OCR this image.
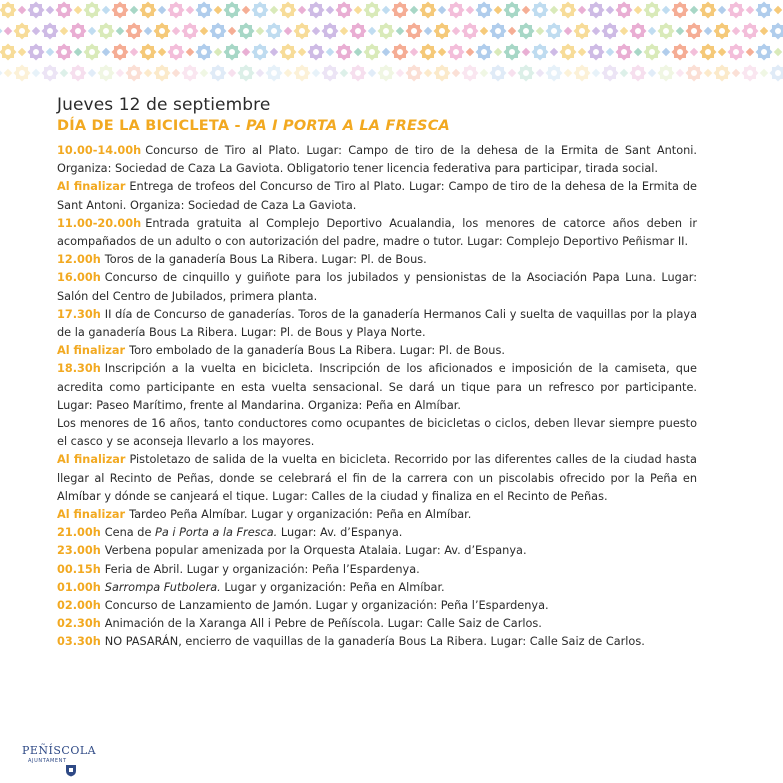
Jueves 12 de septiembre

DÍA DE LA BICICLETA - PA I PORTA A LA FRESCA

10.00-14.00h Concurso de Tiro al Plato. Lugar: Campo de tiro de la dehesa de la Ermita de Sant Antoni. Organiza: Sociedad de Caza La Gaviota. Obligatorio tener licencia federativa para participar, tirada social.

Al finalizar Entrega de trofeos del Concurso de Tiro al Plato. Lugar: Campo de tiro de la dehesa de la Ermita de Sant Antoni. Organiza: Sociedad de Caza La Gaviota.

11.00-20.00h Entrada gratuita al Complejo Deportivo Acualandia, los menores de catorce años deben ir acompañados de un adulto o con autorización del padre, madre o tutor. Lugar: Complejo Deportivo Peñismar II.

12.00h Toros de la ganadería Bous La Ribera. Lugar: Pl. de Bous.

16.00h Concurso de cinquillo y guiñote para los jubilados y pensionistas de la Asociación Papa Luna. Lugar: Salón del Centro de Jubilados, primera planta.

17.30h II día de Concurso de ganaderías. Toros de la ganadería Hermanos Cali y suelta de vaquillas por la playa de la ganadería Bous La Ribera. Lugar: Pl. de Bous y Playa Norte.

Al finalizar Toro embolado de la ganadería Bous La Ribera. Lugar: Pl. de Bous.

18.30h Inscripción a la vuelta en bicicleta. Inscripción de los aficionados e imposición de la camiseta, que acredita como participante en esta vuelta sensacional. Se dará un tique para un refresco por participante. Lugar: Paseo Marítimo, frente al Mandarina. Organiza: Peña en Almíbar.

Los menores de 16 años, tanto conductores como ocupantes de bicicletas o ciclos, deben llevar siempre puesto el casco y se aconseja llevarlo a los mayores.

Al finalizar Pistoletazo de salida de la vuelta en bicicleta. Recorrido por las diferentes calles de la ciudad hasta llegar al Recinto de Peñas, donde se celebrará el fin de la carrera con un piscolabis ofrecido por la Peña en Almíbar y dónde se canjeará el tique. Lugar: Calles de la ciudad y finaliza en el Recinto de Peñas.

Al finalizar Tardeo Peña Almíbar. Lugar y organización: Peña en Almíbar.

21.00h Cena de Pa i Porta a la Fresca. Lugar: Av. d’Espanya.

23.00h Verbena popular amenizada por la Orquesta Atalaia. Lugar: Av. d’Espanya.

00.15h Feria de Abril. Lugar y organización: Peña l’Espardenya.

01.00h Sarrompa Futbolera. Lugar y organización: Peña en Almíbar.

02.00h Concurso de Lanzamiento de Jamón. Lugar y organización: Peña l’Espardenya.

02.30h Animación de la Xaranga All i Pebre de Peñíscola. Lugar: Calle Saiz de Carlos.

03.30h NO PASARÁN, encierro de vaquillas de la ganadería Bous La Ribera. Lugar: Calle Saiz de Carlos.

PEÑÍSCOLA
AJUNTAMENT
